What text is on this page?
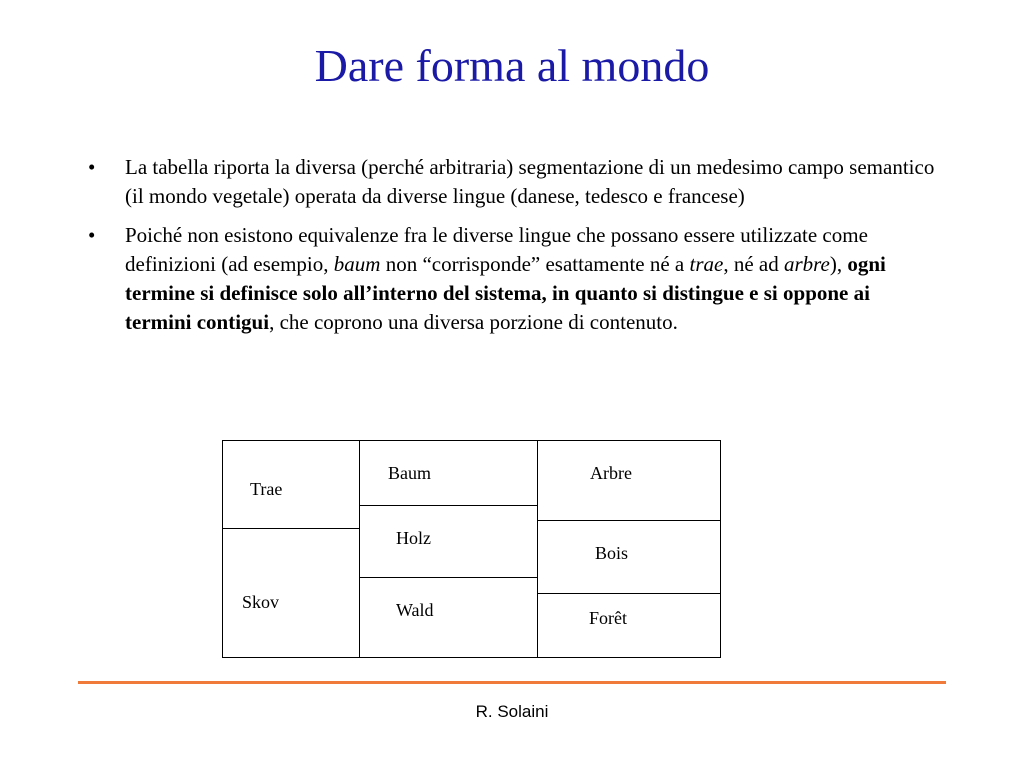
Dare forma al mondo
• La tabella riporta la diversa (perché arbitraria) segmentazione di un medesimo campo semantico (il mondo vegetale) operata da diverse lingue (danese, tedesco e francese)
• Poiché non esistono equivalenze fra le diverse lingue che possano essere utilizzate come definizioni (ad esempio, baum non “corrisponde” esattamente né a trae, né ad arbre), ogni termine si definisce solo all’interno del sistema, in quanto si distingue e si oppone ai termini contigui, che coprono una diversa porzione di contenuto.
Trae
Skov
Baum
Holz
Wald
Arbre
Bois
Forêt
R. Solaini
